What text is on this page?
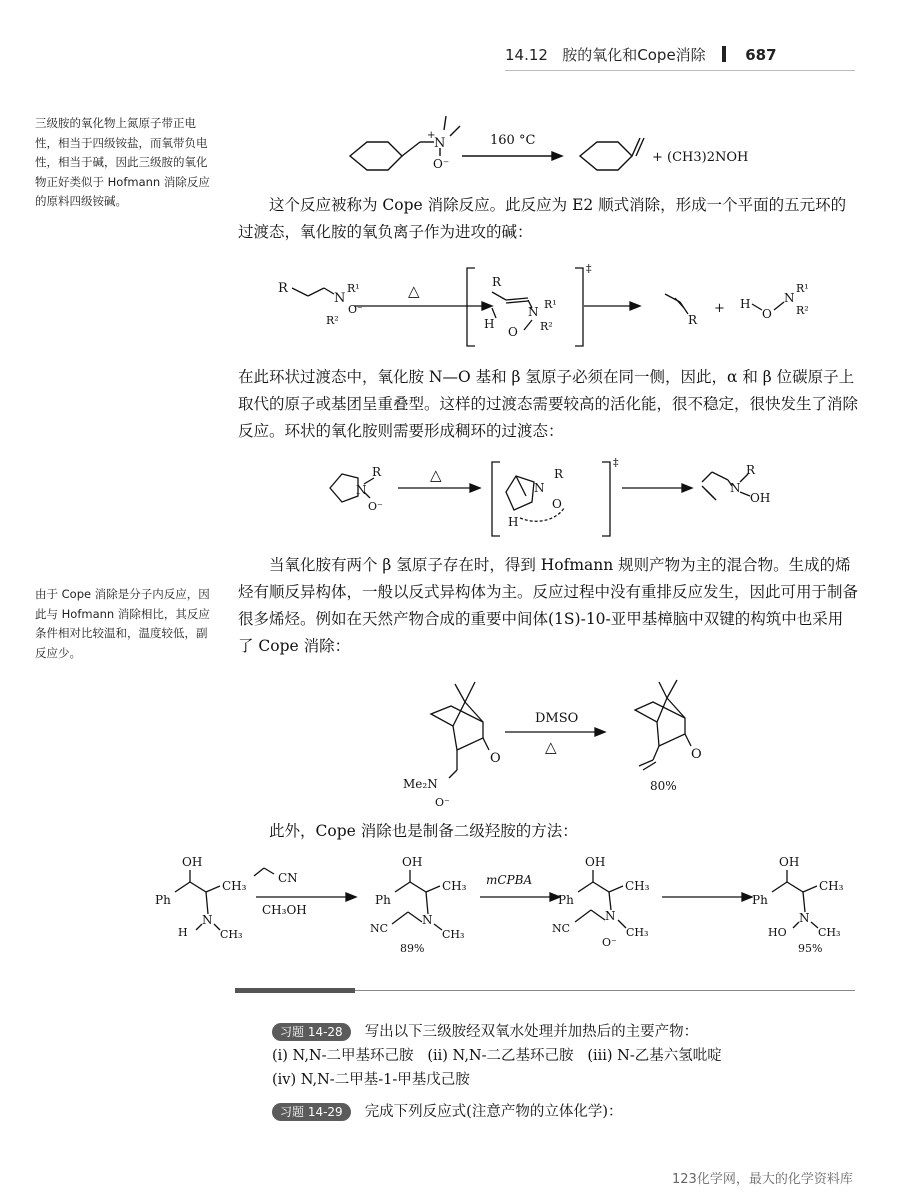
14.12 胺的氧化和Cope消除	687
三级胺的氧化物上氮原子带正电性，相当于四级铵盐，而氧带负电性，相当于碱，因此三级胺的氧化物正好类似于 Hofmann 消除反应的原料四级铵碱。
由于 Cope 消除是分子内反应，因此与 Hofmann 消除相比，其反应条件相对比较温和，温度较低，副反应少。
N
+
O⁻
160 °C
+ (CH3)2NOH
这个反应被称为 Cope 消除反应。此反应为 E2 顺式消除，形成一个平面的五元环的过渡态，氧化胺的氧负离子作为进攻的碱：
R
N
R¹
O⁻
R²
△	R
N
R¹
R²
H
O
‡
R
+ H
O
N
R¹
R²
在此环状过渡态中，氧化胺 N—O 基和 β 氢原子必须在同一侧，因此，α 和 β 位碳原子上取代的原子或基团呈重叠型。这样的过渡态需要较高的活化能，很不稳定，很快发生了消除反应。环状的氧化胺则需要形成稠环的过渡态：
N
R
O⁻
△
N
R
O
H
‡
N
R
OH
当氧化胺有两个 β 氢原子存在时，得到 Hofmann 规则产物为主的混合物。生成的烯烃有顺反异构体，一般以反式异构体为主。反应过程中没有重排反应发生，因此可用于制备很多烯烃。例如在天然产物合成的重要中间体(1S)-10-亚甲基樟脑中双键的构筑中也采用了 Cope 消除：
O
Me₂N
O⁻
DMSO
△	O
80%
此外，Cope 消除也是制备二级羟胺的方法：
OH
Ph
CH₃
N
H	CH₃
CN
CH₃OH
OH
Ph
CH₃
N
NC	CH₃
89%
mCPBA
OH
Ph
CH₃
N
NC	CH₃
O⁻
OH
Ph
CH₃
N
HO	CH₃
95%
习题 14-28 写出以下三级胺经双氧水处理并加热后的主要产物：
(i) N,N-二甲基环己胺 (ii) N,N-二乙基环己胺 (iii) N-乙基六氢吡啶
(iv) N,N-二甲基-1-甲基戊己胺
习题 14-29 完成下列反应式(注意产物的立体化学)：
123化学网，最大的化学资料库
